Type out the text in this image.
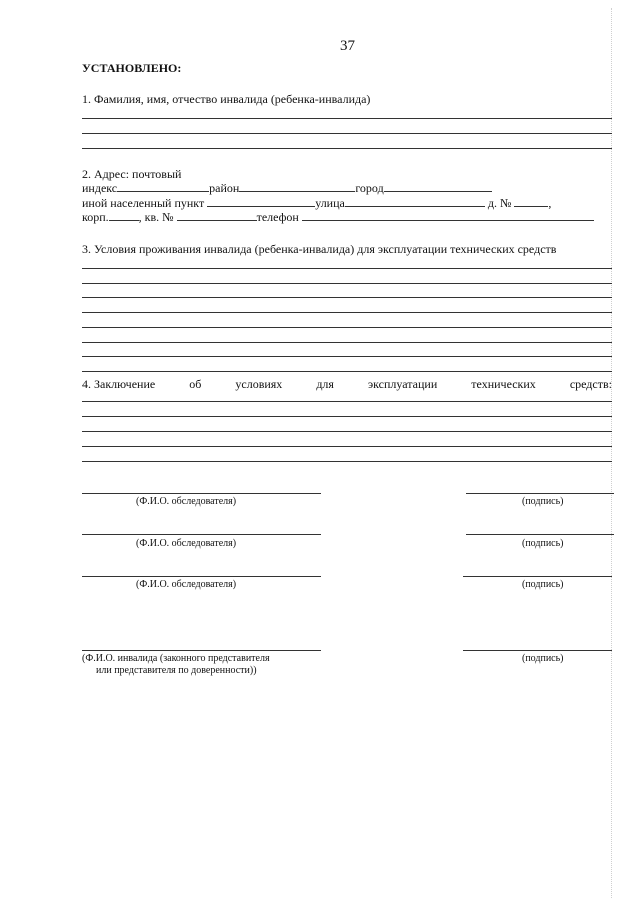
37
УСТАНОВЛЕНО:
1. Фамилия, имя, отчество инвалида (ребенка-инвалида)
2. Адрес: почтовый
индекс	район	город
иной населенный пункт	улица	д. №	,
корп.	, кв. №	телефон
3. Условия проживания инвалида (ребенка-инвалида) для эксплуатации технических средств
4. Заключение	об	условиях	для	эксплуатации	технических	средств:
(Ф.И.О. обследователя)	(подпись)
(Ф.И.О. обследователя)	(подпись)
(Ф.И.О. обследователя)	(подпись)
(Ф.И.О. инвалида (законного представителя
или представителя по доверенности))
(подпись)
